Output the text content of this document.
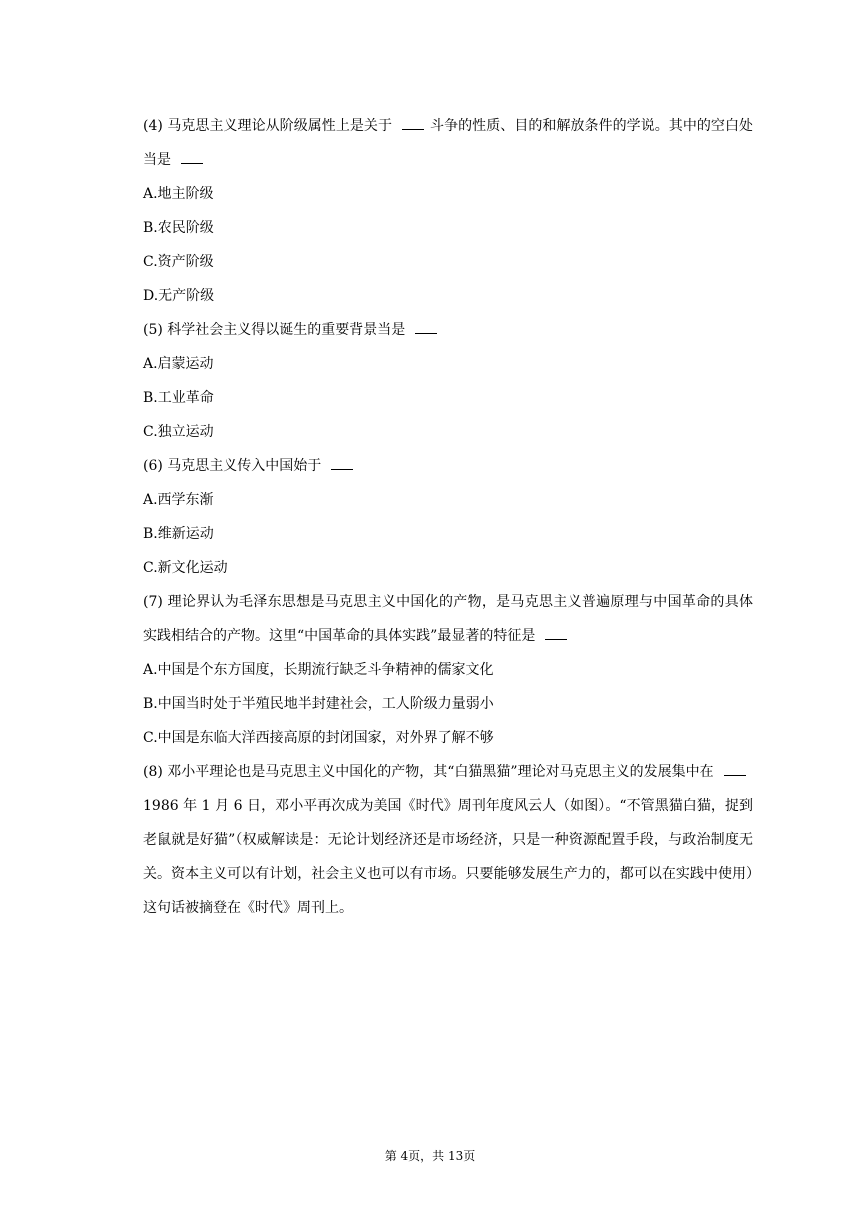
(4) 马克思主义理论从阶级属性上是关于	斗争的性质、目的和解放条件的学说。其中的空白处当是
A.地主阶级
B.农民阶级
C.资产阶级
D.无产阶级
(5) 科学社会主义得以诞生的重要背景当是
A.启蒙运动
B.工业革命
C.独立运动
(6) 马克思主义传入中国始于
A.西学东渐
B.维新运动
C.新文化运动
(7) 理论界认为毛泽东思想是马克思主义中国化的产物，是马克思主义普遍原理与中国革命的具体实践相结合的产物。这里“中国革命的具体实践”最显著的特征是
A.中国是个东方国度，长期流行缺乏斗争精神的儒家文化
B.中国当时处于半殖民地半封建社会，工人阶级力量弱小
C.中国是东临大洋西接高原的封闭国家，对外界了解不够
(8) 邓小平理论也是马克思主义中国化的产物，其“白猫黑猫”理论对马克思主义的发展集中在
1986 年 1 月 6 日，邓小平再次成为美国《时代》周刊年度风云人（如图）。“不管黑猫白猫，捉到老鼠就是好猫”（权威解读是：无论计划经济还是市场经济，只是一种资源配置手段，与政治制度无关。资本主义可以有计划，社会主义也可以有市场。只要能够发展生产力的，都可以在实践中使用）这句话被摘登在《时代》周刊上。
第 4页，共 13页
